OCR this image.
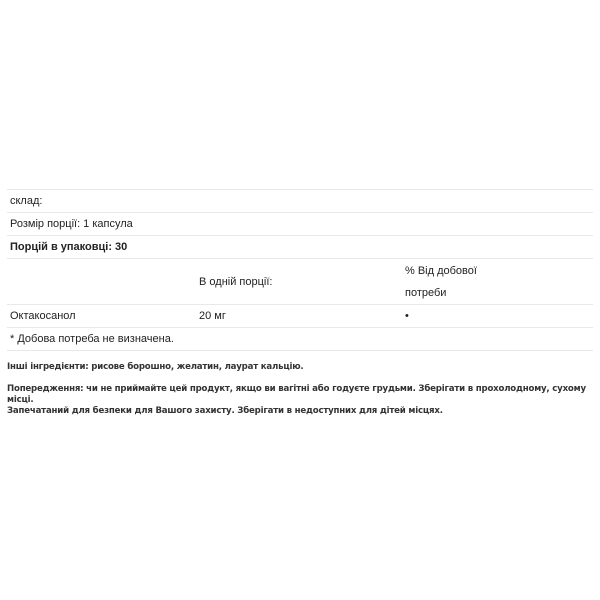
склад:		
Розмір порції: 1 капсула		
Порцій в упаковці: 30		
	В одній порції:	% Від добової
потреби

Октакосанол	20 мг	•
* Добова потреба не визначена.		

Інші інгредієнти: рисове борошно, желатин, лаурат кальцію.

Попередження: чи не приймайте цей продукт, якщо ви вагітні або годуєте грудьми. Зберігати в прохолодному, сухому місці.
Запечатаний для безпеки для Вашого захисту. Зберігати в недоступних для дітей місцях.
